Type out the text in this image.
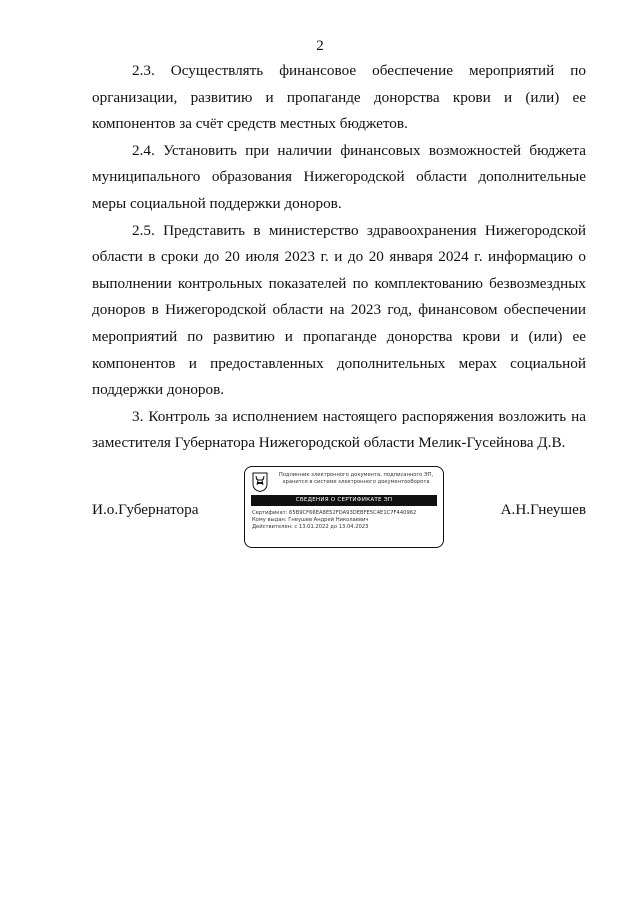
2

2.3. Осуществлять финансовое обеспечение мероприятий по организации, развитию и пропаганде донорства крови и (или) ее компонентов за счёт средств местных бюджетов.

2.4. Установить при наличии финансовых возможностей бюджета муниципального образования Нижегородской области дополнительные меры социальной поддержки доноров.

2.5. Представить в министерство здравоохранения Нижегородской области в сроки до 20 июля 2023 г. и до 20 января 2024 г. информацию о выполнении контрольных показателей по комплектованию безвозмездных доноров в Нижегородской области на 2023 год, финансовом обеспечении мероприятий по развитию и пропаганде донорства крови и (или) ее компонентов и предоставленных дополнительных мерах социальной поддержки доноров.

3. Контроль за исполнением настоящего распоряжения возложить на заместителя Губернатора Нижегородской области Мелик-Гусейнова Д.В.

И.о.Губернатора
Подлинник электронного документа, подписанного ЭП, хранится в системе электронного документооборота
СВЕДЕНИЯ О СЕРТИФИКАТЕ ЭП
Сертификат: 65B9CF66EA8E52FDA93DEBFE5C4E1C7F440962
Кому выдан: Гнеушев Андрей Николаевич
Действителен: с 13.01.2022 до 13.04.2023
А.Н.Гнеушев
